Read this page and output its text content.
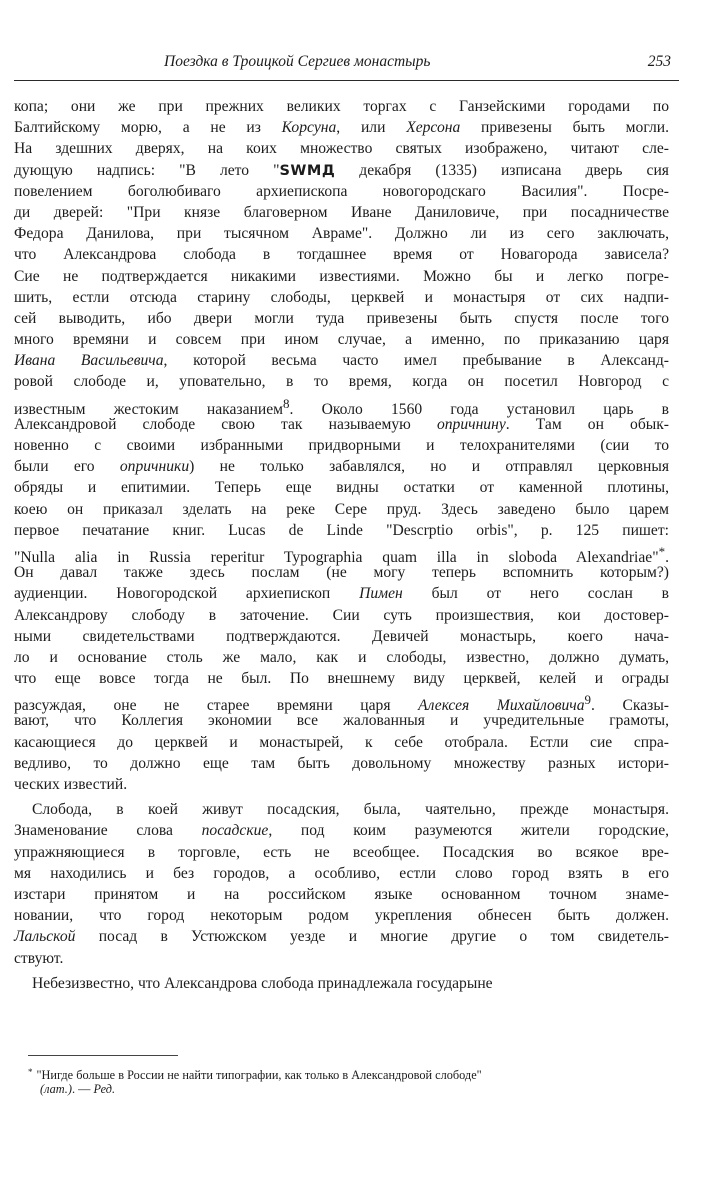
Поездка в Троицкой Сергиев монастырь	253
копа; они же при прежних великих торгах с Ганзейскими городами по
Балтийскому морю, а не из Корсуна, или Херсона привезены быть могли.
На здешних дверях, на коих множество святых изображено, читают сле-
дующую надпись: "В лето "SWMД декабря (1335) изписана дверь сия
повелением боголюбиваго архиепископа новогородскаго Василия". Посре-
ди дверей: "При князе благоверном Иване Даниловиче, при посадничестве
Федора Данилова, при тысячном Авраме". Должно ли из сего заключать,
что Александрова слобода в тогдашнее время от Новагорода зависела?
Сие не подтверждается никакими известиями. Можно бы и легко погре-
шить, естли отсюда старину слободы, церквей и монастыря от сих надпи-
сей выводить, ибо двери могли туда привезены быть спустя после того
много времяни и совсем при ином случае, а именно, по приказанию царя
Ивана Васильевича, которой весьма часто имел пребывание в Александ-
ровой слободе и, уповательно, в то время, когда он посетил Новгород с
известным жестоким наказанием$^8$. Около 1560 года установил царь в
Александровой слободе свою так называемую опричнину. Там он обык-
новенно с своими избранными придворными и телохранителями (сии то
были его опричники) не только забавлялся, но и отправлял церковныя
обряды и епитимии. Теперь еще видны остатки от каменной плотины,
коею он приказал зделать на реке Сере пруд. Здесь заведено было царем
первое печатание книг. Lucas de Linde "Descrptio orbis", p. 125 пишет:
"Nulla alia in Russia reperitur Typographia quam illa in sloboda Alexandriae"*.
Он давал также здесь послам (не могу теперь вспомнить которым?)
аудиенции. Новогородской архиепископ Пимен был от него сослан в
Александрову слободу в заточение. Сии суть произшествия, кои достовер-
ными свидетельствами подтверждаются. Девичей монастырь, коего нача-
ло и основание столь же мало, как и слободы, известно, должно думать,
что еще вовсе тогда не был. По внешнему виду церквей, келей и ограды
разсуждая, оне не старее времяни царя Алексея Михайловича$^9$. Сказы-
вают, что Коллегия экономии все жалованныя и учредительные грамоты,
касающиеся до церквей и монастырей, к себе отобрала. Естли сие спра-
ведливо, то должно еще там быть довольному множеству разных истори-
ческих известий.
Слобода, в коей живут посадския, была, чаятельно, прежде монастыря.
Знаменование слова посадские, под коим разумеются жители городские,
упражняющиеся в торговле, есть не всеобщее. Посадския во всякое вре-
мя находились и без городов, а особливо, естли слово город взять в его
изстари принятом и на российском языке основанном точном знаме-
новании, что город некоторым родом укрепления обнесен быть должен.
Лальской посад в Устюжском уезде и многие другие о том свидетель-
ствуют.
Небезизвестно, что Александрова слобода принадлежала государыне
* "Нигде больше в России не найти типографии, как только в Александровой слободе"
(лат.). — Ред.
